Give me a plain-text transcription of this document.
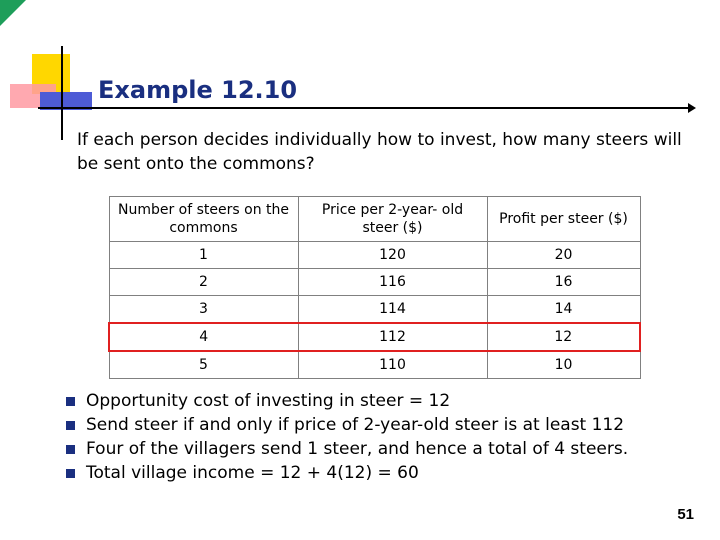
Example 12.10

If each person decides individually how to invest, how many steers will be sent onto the commons?

Number of steers on the commons	Price per 2-year- old steer ($)	Profit per steer ($)
1	120	20
2	116	16
3	114	14
4	112	12
5	110	10
Opportunity cost of investing in steer = 12
Send steer if and only if price of 2-year-old steer is at least 112
Four of the villagers send 1 steer, and hence a total of 4 steers.
Total village income = 12 + 4(12) = 60
51
